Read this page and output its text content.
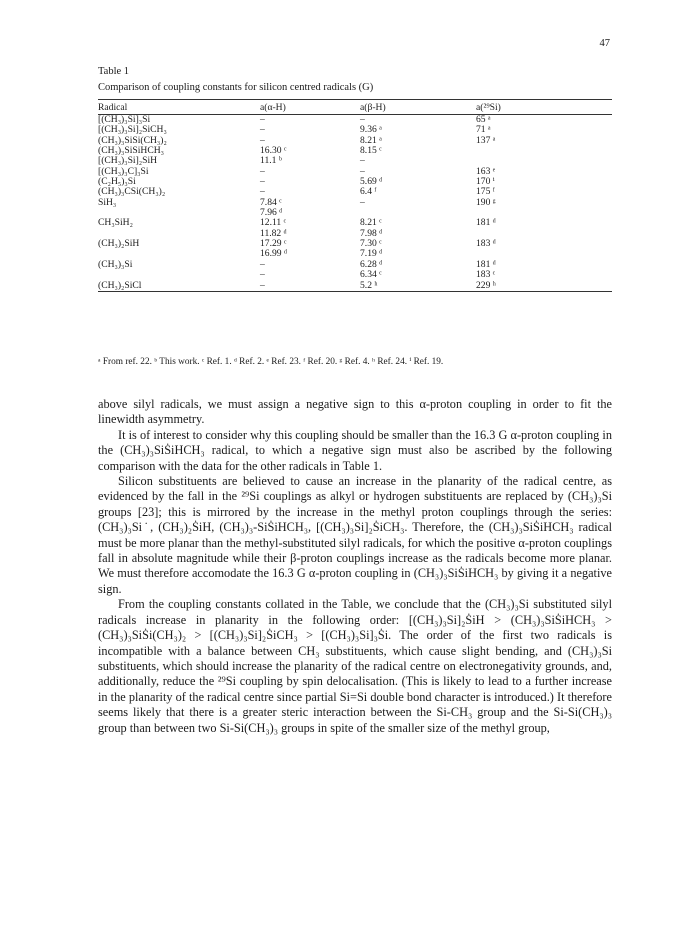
47
Table 1
Comparison of coupling constants for silicon centred radicals (G)
Radical	a(α-H)	a(β-H)	a(²⁹Si)
[(CH₃)₃Si]₃Si	–	–	65 ᵃ
[(CH₃)₃Si]₂SiCH₃	–	9.36 ᵃ	71 ᵃ
(CH₃)₃SiSi(CH₃)₂	–	8.21 ᵃ	137 ᵃ
(CH₃)₃SiSiHCH₃	16.30 ᶜ	8.15 ᶜ	
[(CH₃)₃Si]₂SiH	11.1 ᵇ	–	
[(CH₃)₃C]₃Si	–	–	163 ᵉ
(C₂H₅)₃Si	–	5.69 ᵈ	170 ⁱ
(CH₃)₃CSi(CH₃)₂	–	6.4 ᶠ	175 ᶠ
SiH₃	7.84 ᶜ	–	190 ᵍ
	7.96 ᵈ		
CH₃SiH₂	12.11 ᶜ	8.21 ᶜ	181 ᵈ
	11.82 ᵈ	7.98 ᵈ	
(CH₃)₂SiH	17.29 ᶜ	7.30 ᶜ	183 ᵈ
	16.99 ᵈ	7.19 ᵈ	
(CH₃)₃Si	–	6.28 ᵈ	181 ᵈ
	–	6.34 ᶜ	183 ᶜ
(CH₃)₂SiCl	–	5.2 ʰ	229 ʰ
ᵃ From ref. 22. ᵇ This work. ᶜ Ref. 1. ᵈ Ref. 2. ᵉ Ref. 23. ᶠ Ref. 20. ᵍ Ref. 4. ʰ Ref. 24. ⁱ Ref. 19.

above silyl radicals, we must assign a negative sign to this α-proton coupling in order to fit the linewidth asymmetry.

It is of interest to consider why this coupling should be smaller than the 16.3 G α-proton coupling in the (CH₃)₃SiṠiHCH₃ radical, to which a negative sign must also be ascribed by the following comparison with the data for the other radicals in Table 1.

Silicon substituents are believed to cause an increase in the planarity of the radical centre, as evidenced by the fall in the ²⁹Si couplings as alkyl or hydrogen substituents are replaced by (CH₃)₃Si groups [23]; this is mirrored by the increase in the methyl proton couplings through the series: (CH₃)₃Si˙, (CH₃)₂ṠiH, (CH₃)₃-SiṠiHCH₃, [(CH₃)₃Si]₂ṠiCH₃. Therefore, the (CH₃)₃SiṠiHCH₃ radical must be more planar than the methyl-substituted silyl radicals, for which the positive α-proton couplings fall in absolute magnitude while their β-proton couplings increase as the radicals become more planar. We must therefore accomodate the 16.3 G α-proton coupling in (CH₃)₃SiṠiHCH₃ by giving it a negative sign.

From the coupling constants collated in the Table, we conclude that the (CH₃)₃Si substituted silyl radicals increase in planarity in the following order: [(CH₃)₃Si]₂ṠiH > (CH₃)₃SiṠiHCH₃ > (CH₃)₃SiṠi(CH₃)₂ > [(CH₃)₃Si]₂ṠiCH₃ > [(CH₃)₃Si]₃Ṡi. The order of the first two radicals is incompatible with a balance between CH₃ substituents, which cause slight bending, and (CH₃)₃Si substituents, which should increase the planarity of the radical centre on electronegativity grounds, and, additionally, reduce the ²⁹Si coupling by spin delocalisation. (This is likely to lead to a further increase in the planarity of the radical centre since partial Si=Si double bond character is introduced.) It therefore seems likely that there is a greater steric interaction between the Si-CH₃ group and the Si-Si(CH₃)₃ group than between two Si-Si(CH₃)₃ groups in spite of the smaller size of the methyl group,
